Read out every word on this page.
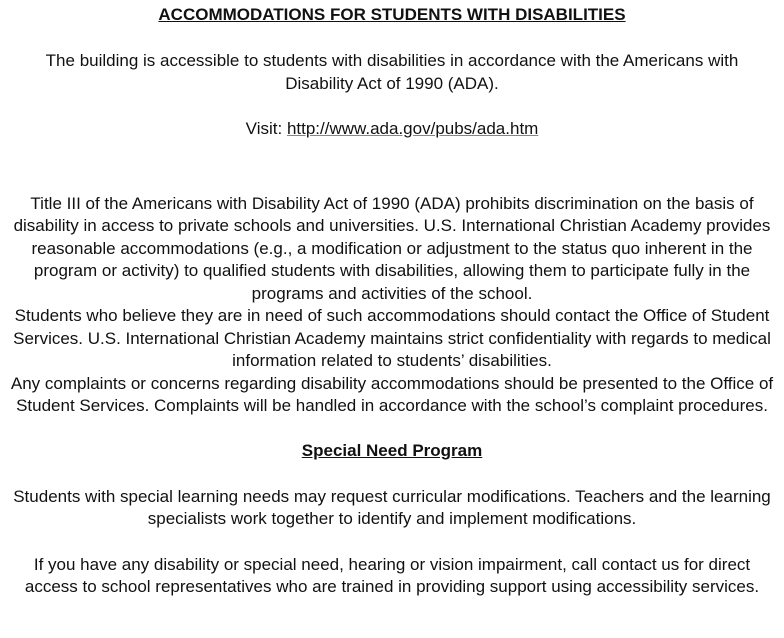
ACCOMMODATIONS FOR STUDENTS WITH DISABILITIES

The building is accessible to students with disabilities in accordance with the Americans with Disability Act of 1990 (ADA).

Visit: http://www.ada.gov/pubs/ada.htm

Title III of the Americans with Disability Act of 1990 (ADA) prohibits discrimination on the basis of disability in access to private schools and universities. U.S. International Christian Academy provides reasonable accommodations (e.g., a modification or adjustment to the status quo inherent in the program or activity) to qualified students with disabilities, allowing them to participate fully in the programs and activities of the school.

Students who believe they are in need of such accommodations should contact the Office of Student Services. U.S. International Christian Academy maintains strict confidentiality with regards to medical information related to students’ disabilities.

Any complaints or concerns regarding disability accommodations should be presented to the Office of Student Services. Complaints will be handled in accordance with the school’s complaint procedures.

Special Need Program

Students with special learning needs may request curricular modifications. Teachers and the learning specialists work together to identify and implement modifications.

If you have any disability or special need, hearing or vision impairment, call contact us for direct access to school representatives who are trained in providing support using accessibility services.
